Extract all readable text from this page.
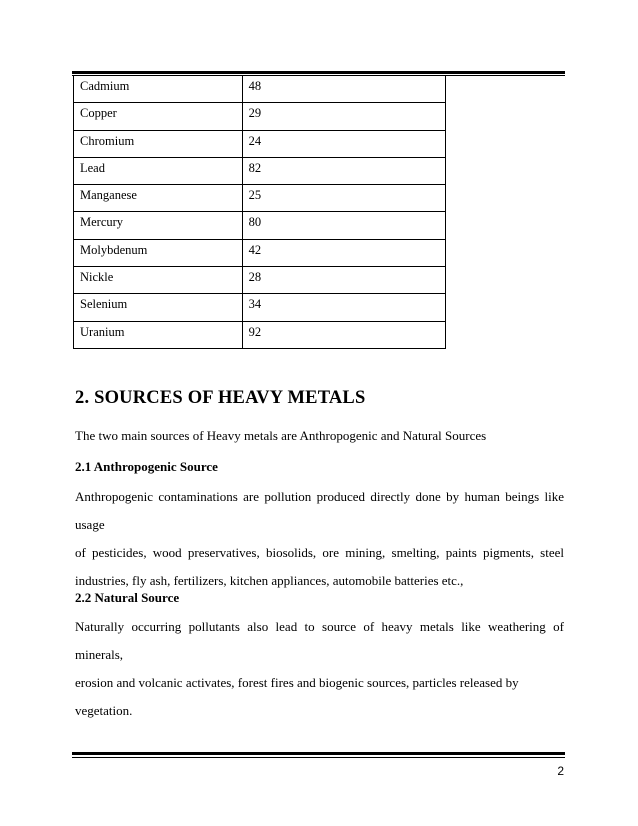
Cadmium	48
Copper	29
Chromium	24
Lead	82
Manganese	25
Mercury	80
Molybdenum	42
Nickle	28
Selenium	34
Uranium	92
2. SOURCES OF HEAVY METALS
The two main sources of Heavy metals are Anthropogenic and Natural Sources
2.1 Anthropogenic Source
Anthropogenic contaminations are pollution produced directly done by human beings like usage
of pesticides, wood preservatives, biosolids, ore mining, smelting, paints pigments, steel
industries, fly ash, fertilizers, kitchen appliances, automobile batteries etc.,
2.2 Natural Source
Naturally occurring pollutants also lead to source of heavy metals like weathering of minerals,
erosion and volcanic activates, forest fires and biogenic sources, particles released by vegetation.
2
